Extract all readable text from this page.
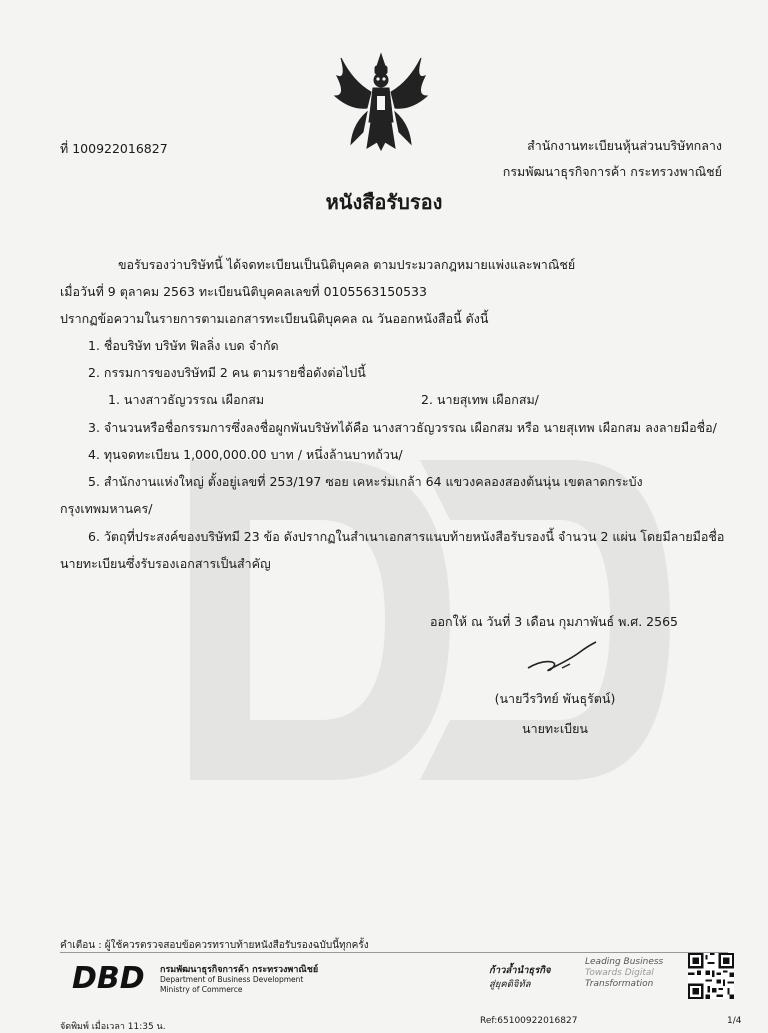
ที่ 100922016827	สำนักงานทะเบียนหุ้นส่วนบริษัทกลาง
กรมพัฒนาธุรกิจการค้า กระทรวงพาณิชย์
หนังสือรับรอง
ขอรับรองว่าบริษัทนี้ ได้จดทะเบียนเป็นนิติบุคคล ตามประมวลกฎหมายแพ่งและพาณิชย์
เมื่อวันที่ 9 ตุลาคม 2563 ทะเบียนนิติบุคคลเลขที่ 0105563150533
ปรากฏข้อความในรายการตามเอกสารทะเบียนนิติบุคคล ณ วันออกหนังสือนี้ ดังนี้
1. ชื่อบริษัท บริษัท ฟิลลิ่ง เบด จำกัด
2. กรรมการของบริษัทมี 2 คน ตามรายชื่อดังต่อไปนี้
1. นางสาวธัญวรรณ เผือกสม	2. นายสุเทพ เผือกสม/
3. จำนวนหรือชื่อกรรมการซึ่งลงชื่อผูกพันบริษัทได้คือ นางสาวธัญวรรณ เผือกสม หรือ นายสุเทพ เผือกสม ลงลายมือชื่อ/
4. ทุนจดทะเบียน 1,000,000.00 บาท / หนึ่งล้านบาทถ้วน/
5. สำนักงานแห่งใหญ่ ตั้งอยู่เลขที่ 253/197 ซอย เคหะร่มเกล้า 64 แขวงคลองสองต้นนุ่น เขตลาดกระบัง
กรุงเทพมหานคร/
6. วัตถุที่ประสงค์ของบริษัทมี 23 ข้อ ดังปรากฏในสำเนาเอกสารแนบท้ายหนังสือรับรองนี้ จำนวน 2 แผ่น โดยมีลายมือชื่อ
นายทะเบียนซึ่งรับรองเอกสารเป็นสำคัญ
ออกให้ ณ วันที่ 3 เดือน กุมภาพันธ์ พ.ศ. 2565
(นายวีรวิทย์ พันธุรัตน์)
นายทะเบียน
คำเตือน : ผู้ใช้ควรตรวจสอบข้อควรทราบท้ายหนังสือรับรองฉบับนี้ทุกครั้ง
DBD กรมพัฒนาธุรกิจการค้า กระทรวงพาณิชย์
Department of Business Development
Ministry of Commerce
ก้าวล้ำนำธุรกิจ
สู่ยุคดิจิทัล
Leading Business
Towards Digital
Transformation
จัดพิมพ์ เมื่อเวลา 11:35 น.
Ref:65100922016827	1/4
